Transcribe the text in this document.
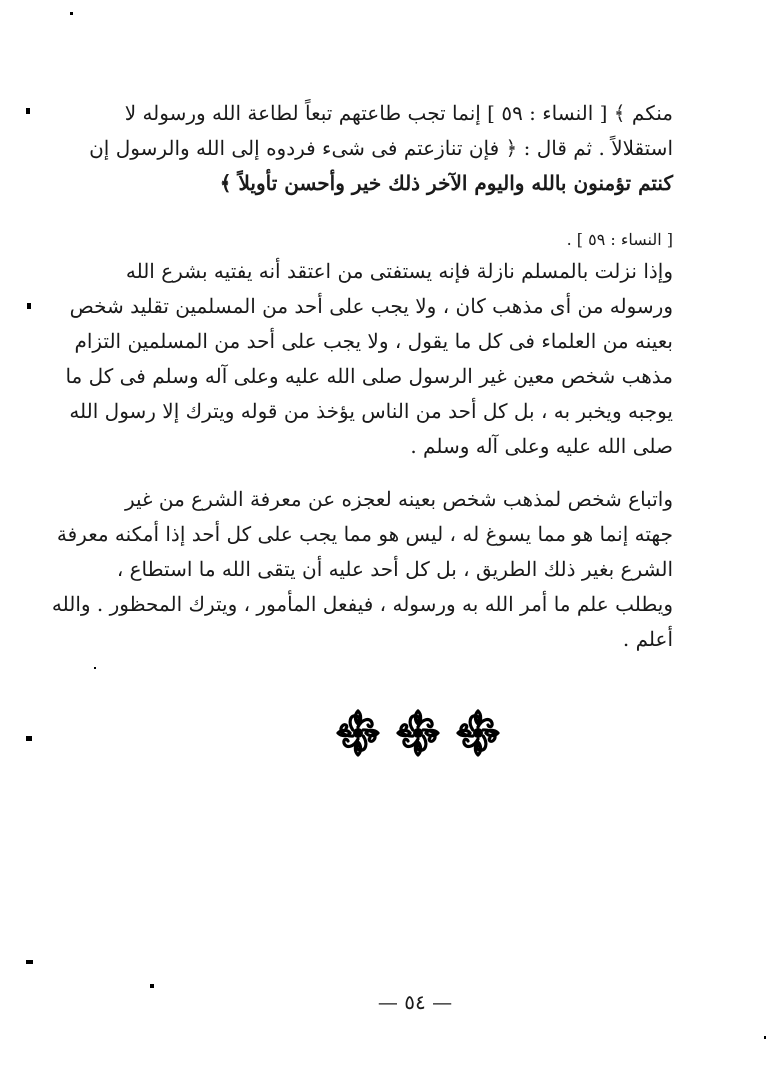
منكم ﴾ [ النساء : ٥٩ ] إنما تجب طاعتهم تبعاً لطاعة الله ورسوله لا
استقلالاً . ثم قال : ﴿ فإن تنازعتم فى شىء فردوه إلى الله والرسول إن
كنتم تؤمنون بالله واليوم الآخر ذلك خير وأحسن تأويلاً ﴾
[ النساء : ٥٩ ] .
وإذا نزلت بالمسلم نازلة فإنه يستفتى من اعتقد أنه يفتيه بشرع الله
ورسوله من أى مذهب كان ، ولا يجب على أحد من المسلمين تقليد شخص
بعينه من العلماء فى كل ما يقول ، ولا يجب على أحد من المسلمين التزام
مذهب شخص معين غير الرسول صلى الله عليه وعلى آله وسلم فى كل ما
يوجبه ويخبر به ، بل كل أحد من الناس يؤخذ من قوله ويترك إلا رسول الله
صلى الله عليه وعلى آله وسلم .
واتباع شخص لمذهب شخص بعينه لعجزه عن معرفة الشرع من غير
جهته إنما هو مما يسوغ له ، ليس هو مما يجب على كل أحد إذا أمكنه معرفة
الشرع بغير ذلك الطريق ، بل كل أحد عليه أن يتقى الله ما استطاع ،
ويطلب علم ما أمر الله به ورسوله ، فيفعل المأمور ، ويترك المحظور . والله
أعلم .
— ٥٤ —
